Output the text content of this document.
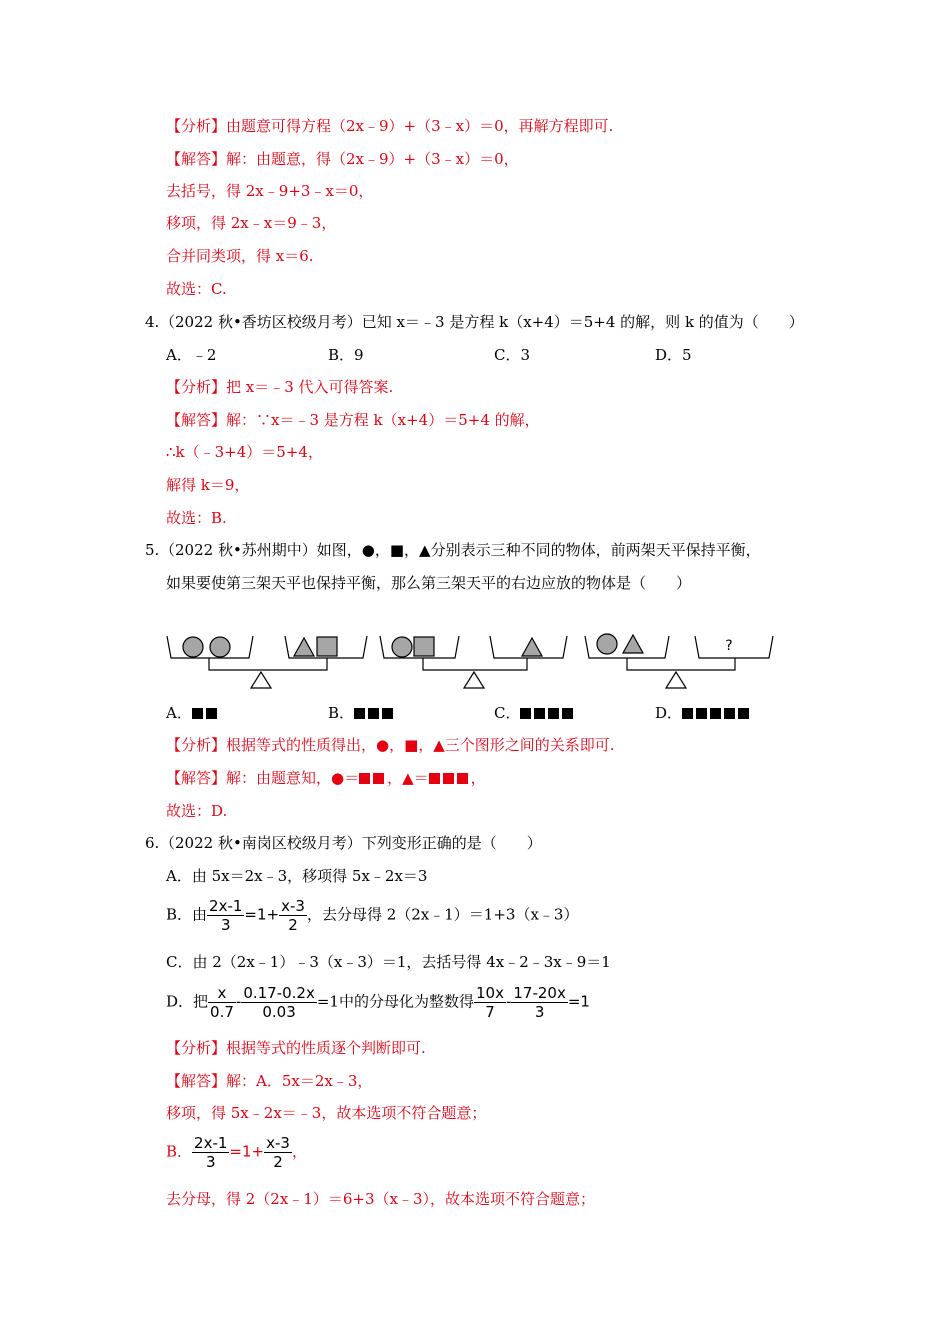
【分析】由题意可得方程（2x﹣9）+（3﹣x）＝0，再解方程即可.
【解答】解：由题意，得（2x﹣9）+（3﹣x）＝0，
去括号，得 2x﹣9+3﹣x＝0，
移项，得 2x﹣x＝9﹣3，
合并同类项，得 x＝6.
故选：C.
4. （2022 秋•香坊区校级月考）已知 x＝﹣3 是方程 k（x+4）＝5+4 的解，则 k 的值为（　　）
A．﹣2	B．9	C．3	D．5
【分析】把 x＝﹣3 代入可得答案.
【解答】解：∵x＝﹣3 是方程 k（x+4）＝5+4 的解，
∴k（﹣3+4）＝5+4，
解得 k＝9，
故选：B.
5. （2022 秋•苏州期中）如图，●，■，▲分别表示三种不同的物体，前两架天平保持平衡，
如果要使第三架天平也保持平衡，那么第三架天平的右边应放的物体是（　　）
?
A．	B．	C．	D．
【分析】根据等式的性质得出，●，■，▲三个图形之间的关系即可.
【解答】解：由题意知，●＝ ，▲＝	，
故选：D.
6. （2022 秋•南岗区校级月考）下列变形正确的是（　　）
A．由 5x＝2x﹣3，移项得 5x﹣2x＝3
B．由 $\frac{2x-1}{3} =1+ \frac{x-3}{2}$ ，去分母得 2（2x﹣1）＝1+3（x﹣3）
C．由 2（2x﹣1）﹣3（x﹣3）＝1，去括号得 4x﹣2﹣3x﹣9＝1
D．把 $\frac{x}{0.7} - \frac{0.17-0.2x}{0.03} =1$中的分母化为整数得 $\frac{10x}{7} - \frac{17-20x}{3} =1$
【分析】根据等式的性质逐个判断即可.
【解答】解：A．5x＝2x﹣3，
移项，得 5x﹣2x＝﹣3，故本选项不符合题意；
B． $\frac{2x-1}{3} =1+ \frac{x-3}{2}$ ，
去分母，得 2（2x﹣1）＝6+3（x﹣3），故本选项不符合题意；
